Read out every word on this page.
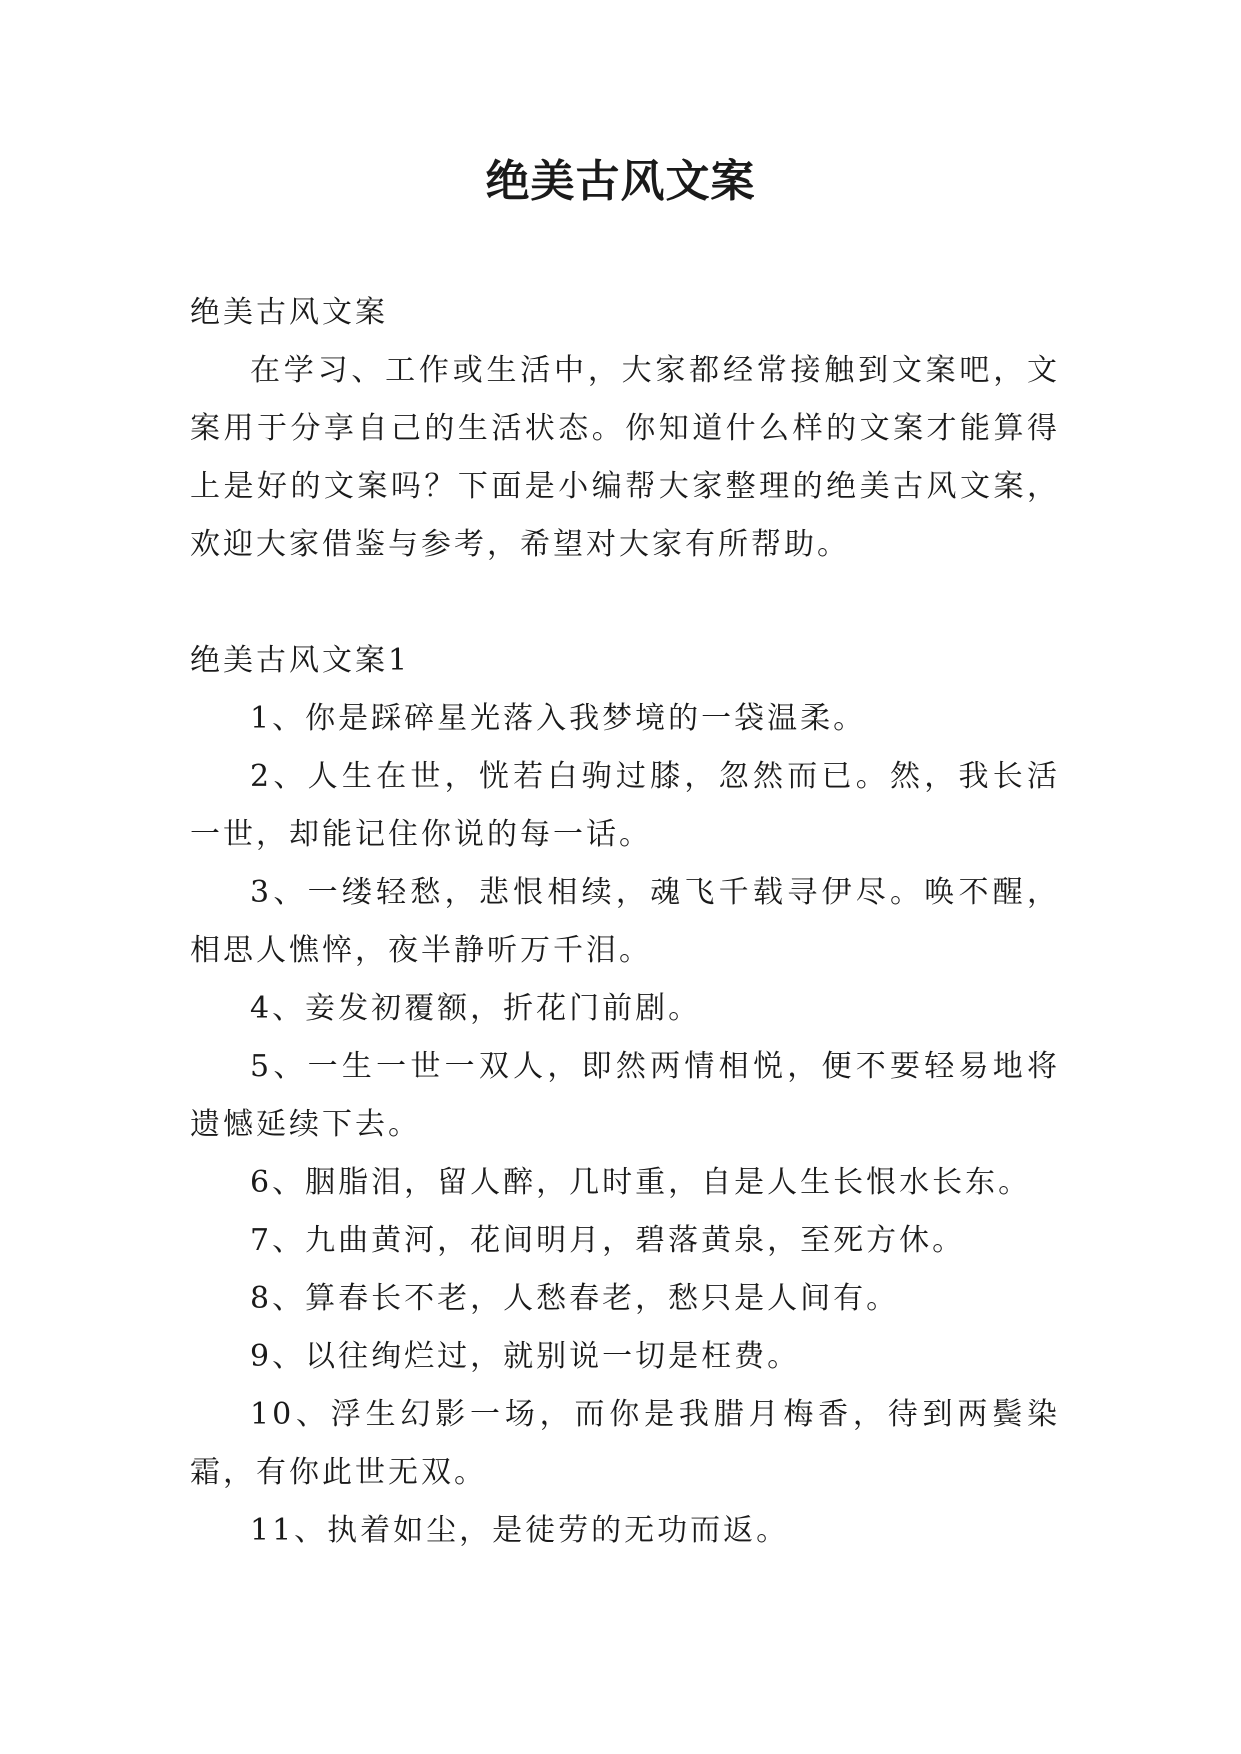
绝美古风文案

绝美古风文案

在学习、工作或生活中，大家都经常接触到文案吧，文案用于分享自己的生活状态。你知道什么样的文案才能算得上是好的文案吗？下面是小编帮大家整理的绝美古风文案，欢迎大家借鉴与参考，希望对大家有所帮助。

绝美古风文案1

1、你是踩碎星光落入我梦境的一袋温柔。

2、人生在世，恍若白驹过膝，忽然而已。然，我长活一世，却能记住你说的每一话。

3、一缕轻愁，悲恨相续，魂飞千载寻伊尽。唤不醒，相思人憔悴，夜半静听万千泪。

4、妾发初覆额，折花门前剧。

5、一生一世一双人，即然两情相悦，便不要轻易地将遗憾延续下去。

6、胭脂泪，留人醉，几时重，自是人生长恨水长东。

7、九曲黄河，花间明月，碧落黄泉，至死方休。

8、算春长不老，人愁春老，愁只是人间有。

9、以往绚烂过，就别说一切是枉费。

10、浮生幻影一场，而你是我腊月梅香，待到两鬓染霜，有你此世无双。

11、执着如尘，是徒劳的无功而返。
